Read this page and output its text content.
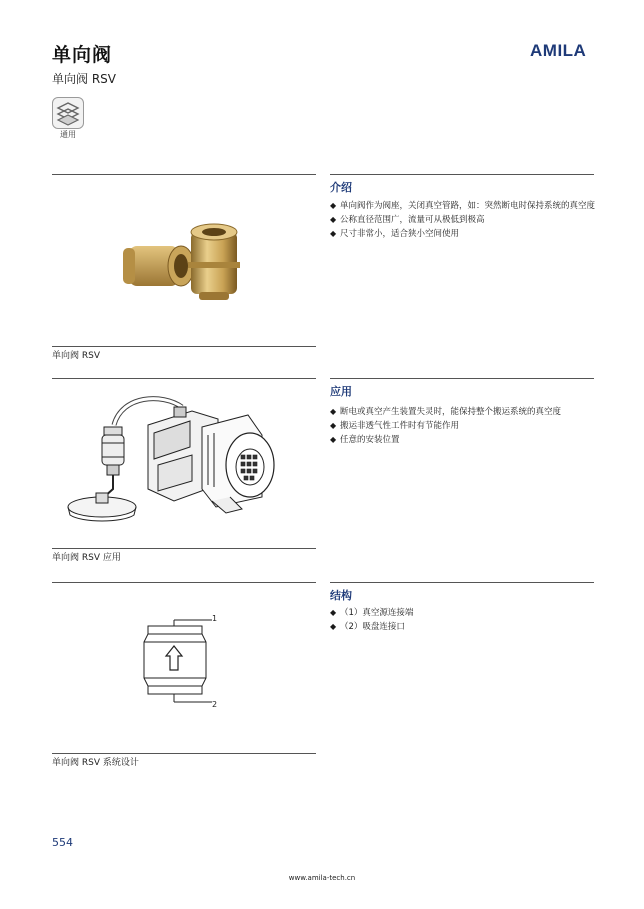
单向阀
单向阀 RSV
AMILA
通用
单向阀 RSV
介绍
◆ 单向阀作为阀座，关闭真空管路，如：突然断电时保持系统的真空度
◆ 公称直径范围广，流量可从极低到极高
◆ 尺寸非常小，适合狭小空间使用
单向阀 RSV 应用
应用
◆ 断电或真空产生装置失灵时，能保持整个搬运系统的真空度
◆ 搬运非透气性工件时有节能作用
◆ 任意的安装位置
1
2
单向阀 RSV 系统设计
结构
◆ （1）真空源连接端
◆ （2）吸盘连接口
554
www.amila-tech.cn
